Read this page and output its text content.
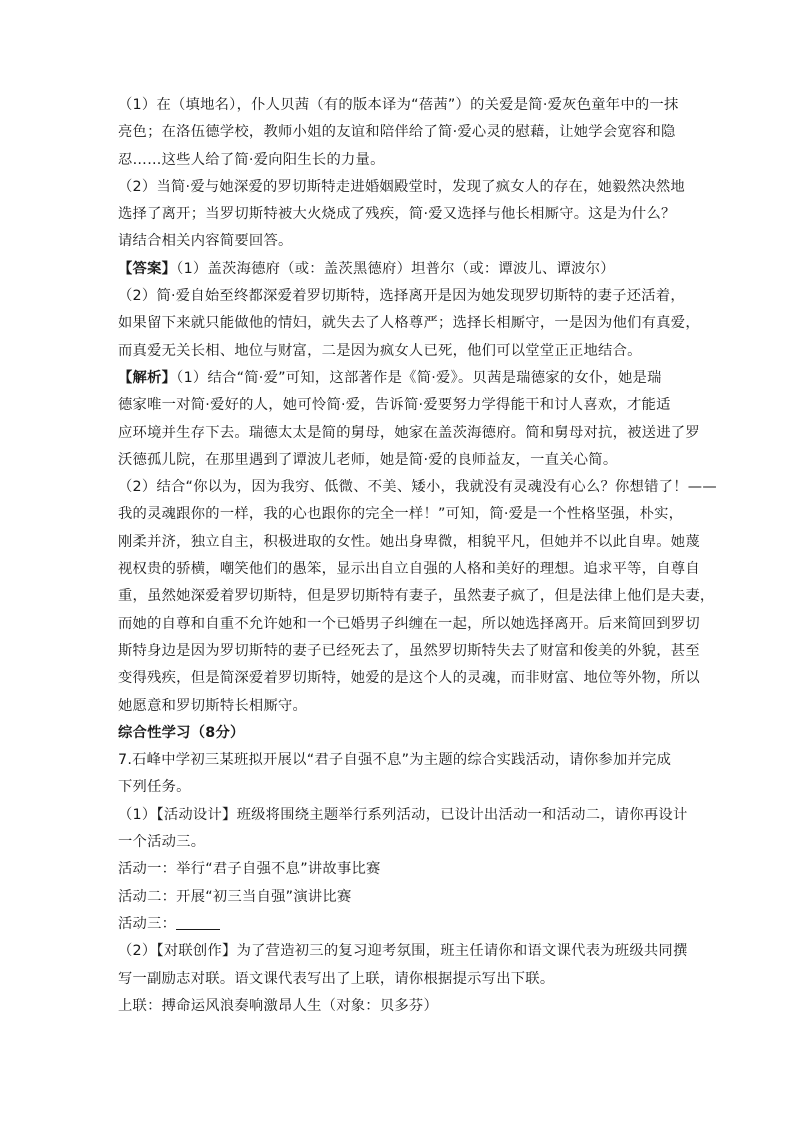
（1）在（填地名），仆人贝茜（有的版本译为“蓓茜”）的关爱是简·爱灰色童年中的一抹
亮色；在洛伍德学校，教师小姐的友谊和陪伴给了简·爱心灵的慰藉，让她学会宽容和隐
忍……这些人给了简·爱向阳生长的力量。
（2）当简·爱与她深爱的罗切斯特走进婚姻殿堂时，发现了疯女人的存在，她毅然决然地
选择了离开；当罗切斯特被大火烧成了残疾，简·爱又选择与他长相厮守。这是为什么？
请结合相关内容简要回答。
【答案】（1）盖茨海德府（或：盖茨黑德府）坦普尔（或：谭波儿、谭波尔）
（2）简·爱自始至终都深爱着罗切斯特，选择离开是因为她发现罗切斯特的妻子还活着，
如果留下来就只能做他的情妇，就失去了人格尊严；选择长相厮守，一是因为他们有真爱，
而真爱无关长相、地位与财富，二是因为疯女人已死，他们可以堂堂正正地结合。
【解析】（1）结合“简·爱”可知，这部著作是《简·爱》。贝茜是瑞德家的女仆，她是瑞
德家唯一对简·爱好的人，她可怜简·爱，告诉简·爱要努力学得能干和讨人喜欢，才能适
应环境并生存下去。瑞德太太是简的舅母，她家在盖茨海德府。简和舅母对抗，被送进了罗
沃德孤儿院，在那里遇到了谭波儿老师，她是简·爱的良师益友，一直关心简。
（2）结合“你以为，因为我穷、低微、不美、矮小，我就没有灵魂没有心么？你想错了！——
我的灵魂跟你的一样，我的心也跟你的完全一样！”可知，简·爱是一个性格坚强，朴实，
刚柔并济，独立自主，积极进取的女性。她出身卑微，相貌平凡，但她并不以此自卑。她蔑
视权贵的骄横，嘲笑他们的愚笨，显示出自立自强的人格和美好的理想。追求平等，自尊自
重，虽然她深爱着罗切斯特，但是罗切斯特有妻子，虽然妻子疯了，但是法律上他们是夫妻，
而她的自尊和自重不允许她和一个已婚男子纠缠在一起，所以她选择离开。后来简回到罗切
斯特身边是因为罗切斯特的妻子已经死去了，虽然罗切斯特失去了财富和俊美的外貌，甚至
变得残疾，但是简深爱着罗切斯特，她爱的是这个人的灵魂，而非财富、地位等外物，所以
她愿意和罗切斯特长相厮守。
综合性学习（8分）
7.石峰中学初三某班拟开展以“君子自强不息”为主题的综合实践活动，请你参加并完成
下列任务。
（1）【活动设计】班级将围绕主题举行系列活动，已设计出活动一和活动二，请你再设计
一个活动三。
活动一：举行“君子自强不息”讲故事比赛
活动二：开展“初三当自强”演讲比赛
活动三：
（2）【对联创作】为了营造初三的复习迎考氛围，班主任请你和语文课代表为班级共同撰
写一副励志对联。语文课代表写出了上联，请你根据提示写出下联。
上联：搏命运风浪奏响激昂人生（对象：贝多芬）
